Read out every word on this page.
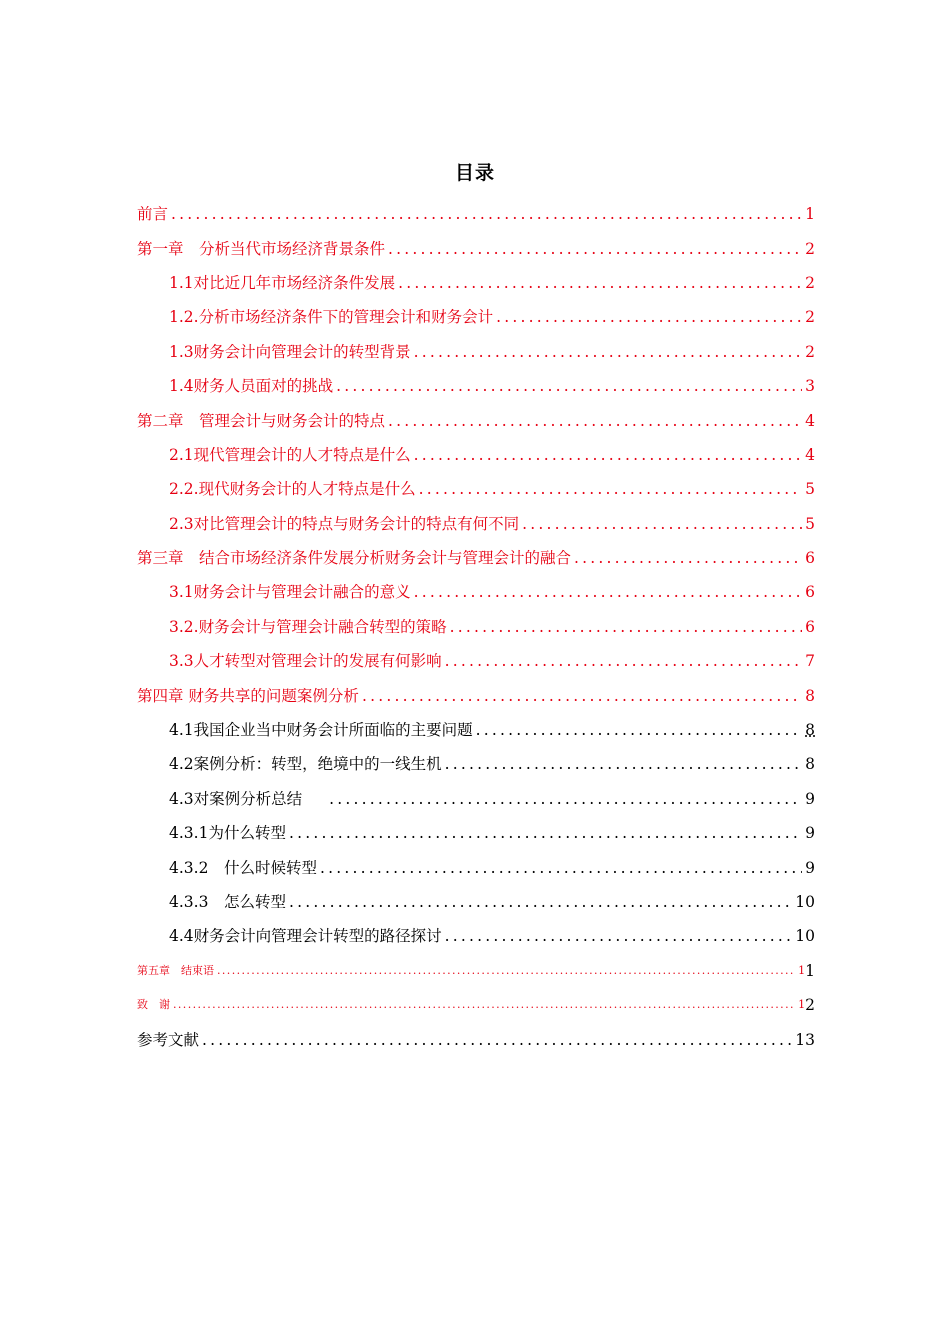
目录
前言 .....	1
第一章　分析当代市场经济背景条件 .....	2
1.1对比近几年市场经济条件发展 .....	2
1.2.分析市场经济条件下的管理会计和财务会计 .....	2
1.3财务会计向管理会计的转型背景 .....	2
1.4财务人员面对的挑战 .....	3
第二章　管理会计与财务会计的特点 .....	4
2.1现代管理会计的人才特点是什么 .....	4
2.2.现代财务会计的人才特点是什么 .....	5
2.3对比管理会计的特点与财务会计的特点有何不同 .....	5
第三章　结合市场经济条件发展分析财务会计与管理会计的融合 .....	6
3.1财务会计与管理会计融合的意义 .....	6
3.2.财务会计与管理会计融合转型的策略 .....	6
3.3人才转型对管理会计的发展有何影响 .....	7
第四章 财务共享的问题案例分析 .....	8
4.1我国企业当中财务会计所面临的主要问题 .....	8
4.2案例分析：转型，绝境中的一线生机 .....	8
4.3对案例分析总结 .....	9
4.3.1为什么转型 .....	9
4.3.2　什么时候转型 .....	9
4.3.3　怎么转型 .....	10
4.4财务会计向管理会计转型的路径探讨 .....	10
第五章　结束语 .....	1 1
致　谢 .....	1 2
参考文献 .....	13
